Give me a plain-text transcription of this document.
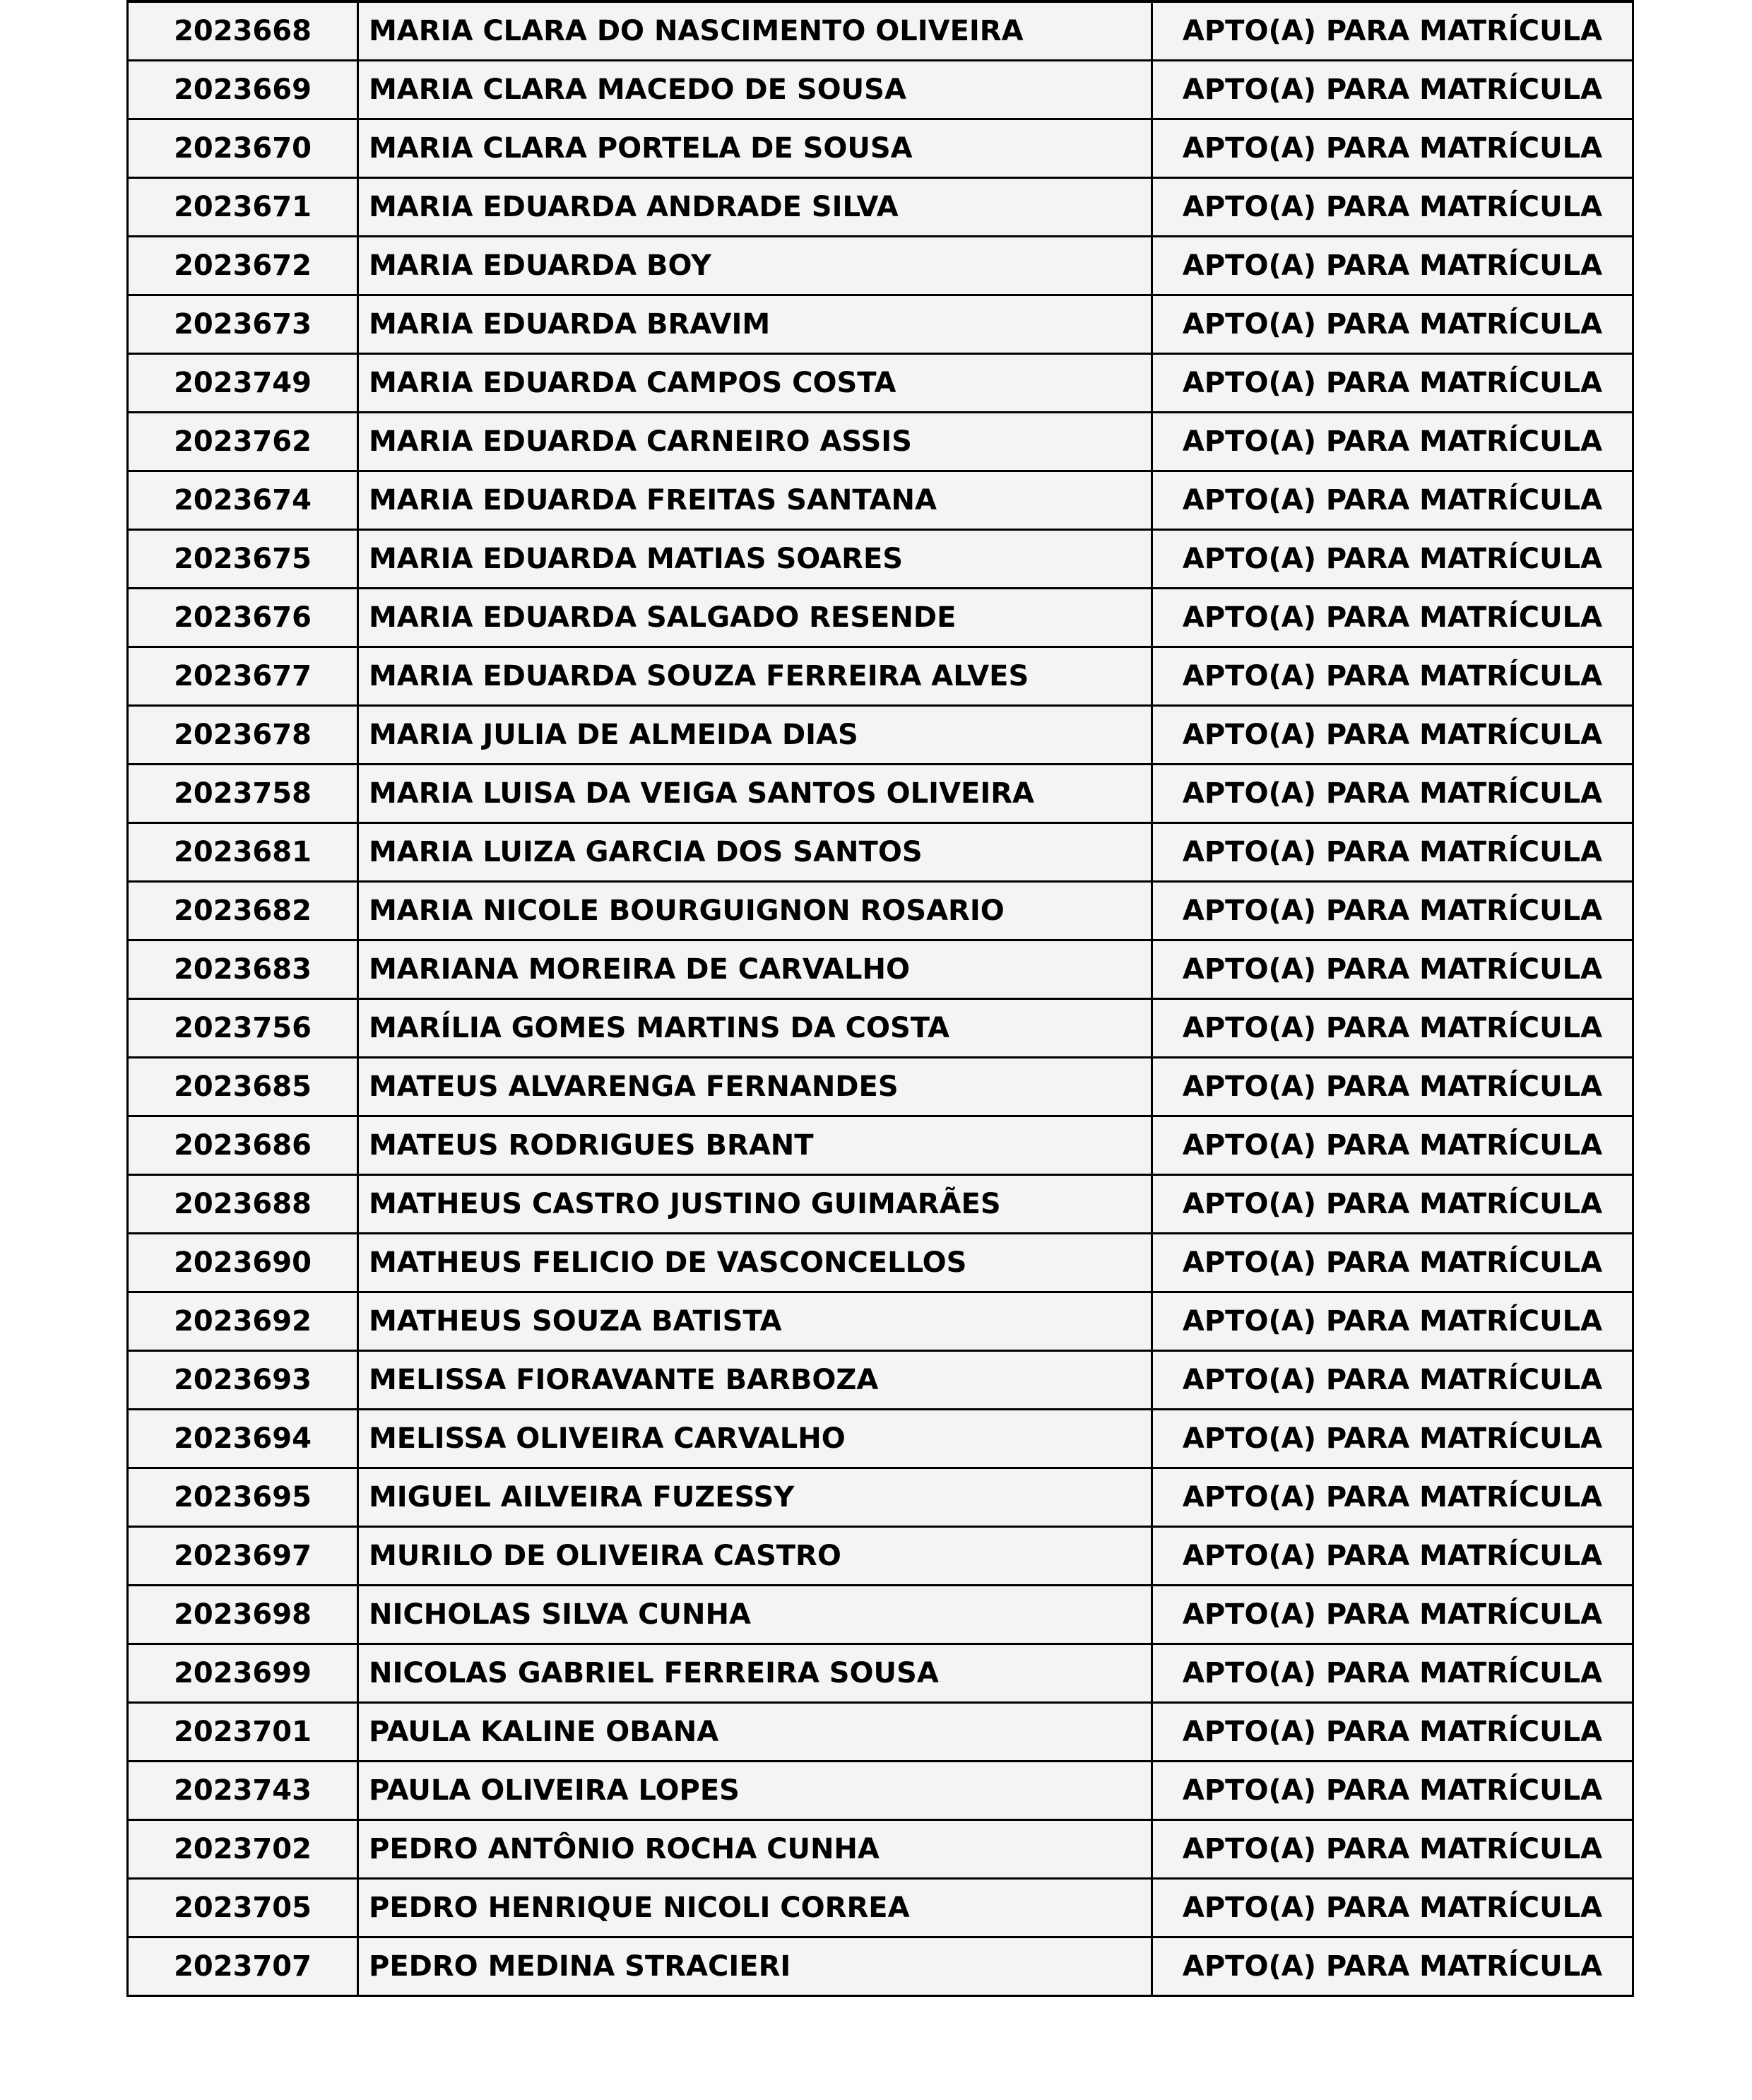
2023668	MARIA CLARA DO NASCIMENTO OLIVEIRA	APTO(A) PARA MATRÍCULA
2023669	MARIA CLARA MACEDO DE SOUSA	APTO(A) PARA MATRÍCULA
2023670	MARIA CLARA PORTELA DE SOUSA	APTO(A) PARA MATRÍCULA
2023671	MARIA EDUARDA ANDRADE SILVA	APTO(A) PARA MATRÍCULA
2023672	MARIA EDUARDA BOY	APTO(A) PARA MATRÍCULA
2023673	MARIA EDUARDA BRAVIM	APTO(A) PARA MATRÍCULA
2023749	MARIA EDUARDA CAMPOS COSTA	APTO(A) PARA MATRÍCULA
2023762	MARIA EDUARDA CARNEIRO ASSIS	APTO(A) PARA MATRÍCULA
2023674	MARIA EDUARDA FREITAS SANTANA	APTO(A) PARA MATRÍCULA
2023675	MARIA EDUARDA MATIAS SOARES	APTO(A) PARA MATRÍCULA
2023676	MARIA EDUARDA SALGADO RESENDE	APTO(A) PARA MATRÍCULA
2023677	MARIA EDUARDA SOUZA FERREIRA ALVES	APTO(A) PARA MATRÍCULA
2023678	MARIA JULIA DE ALMEIDA DIAS	APTO(A) PARA MATRÍCULA
2023758	MARIA LUISA DA VEIGA SANTOS OLIVEIRA	APTO(A) PARA MATRÍCULA
2023681	MARIA LUIZA GARCIA DOS SANTOS	APTO(A) PARA MATRÍCULA
2023682	MARIA NICOLE BOURGUIGNON ROSARIO	APTO(A) PARA MATRÍCULA
2023683	MARIANA MOREIRA DE CARVALHO	APTO(A) PARA MATRÍCULA
2023756	MARÍLIA GOMES MARTINS DA COSTA	APTO(A) PARA MATRÍCULA
2023685	MATEUS ALVARENGA FERNANDES	APTO(A) PARA MATRÍCULA
2023686	MATEUS RODRIGUES BRANT	APTO(A) PARA MATRÍCULA
2023688	MATHEUS CASTRO JUSTINO GUIMARÃES	APTO(A) PARA MATRÍCULA
2023690	MATHEUS FELICIO DE VASCONCELLOS	APTO(A) PARA MATRÍCULA
2023692	MATHEUS SOUZA BATISTA	APTO(A) PARA MATRÍCULA
2023693	MELISSA FIORAVANTE BARBOZA	APTO(A) PARA MATRÍCULA
2023694	MELISSA OLIVEIRA CARVALHO	APTO(A) PARA MATRÍCULA
2023695	MIGUEL AILVEIRA FUZESSY	APTO(A) PARA MATRÍCULA
2023697	MURILO DE OLIVEIRA CASTRO	APTO(A) PARA MATRÍCULA
2023698	NICHOLAS SILVA CUNHA	APTO(A) PARA MATRÍCULA
2023699	NICOLAS GABRIEL FERREIRA SOUSA	APTO(A) PARA MATRÍCULA
2023701	PAULA KALINE OBANA	APTO(A) PARA MATRÍCULA
2023743	PAULA OLIVEIRA LOPES	APTO(A) PARA MATRÍCULA
2023702	PEDRO ANTÔNIO ROCHA CUNHA	APTO(A) PARA MATRÍCULA
2023705	PEDRO HENRIQUE NICOLI CORREA	APTO(A) PARA MATRÍCULA
2023707	PEDRO MEDINA STRACIERI	APTO(A) PARA MATRÍCULA
